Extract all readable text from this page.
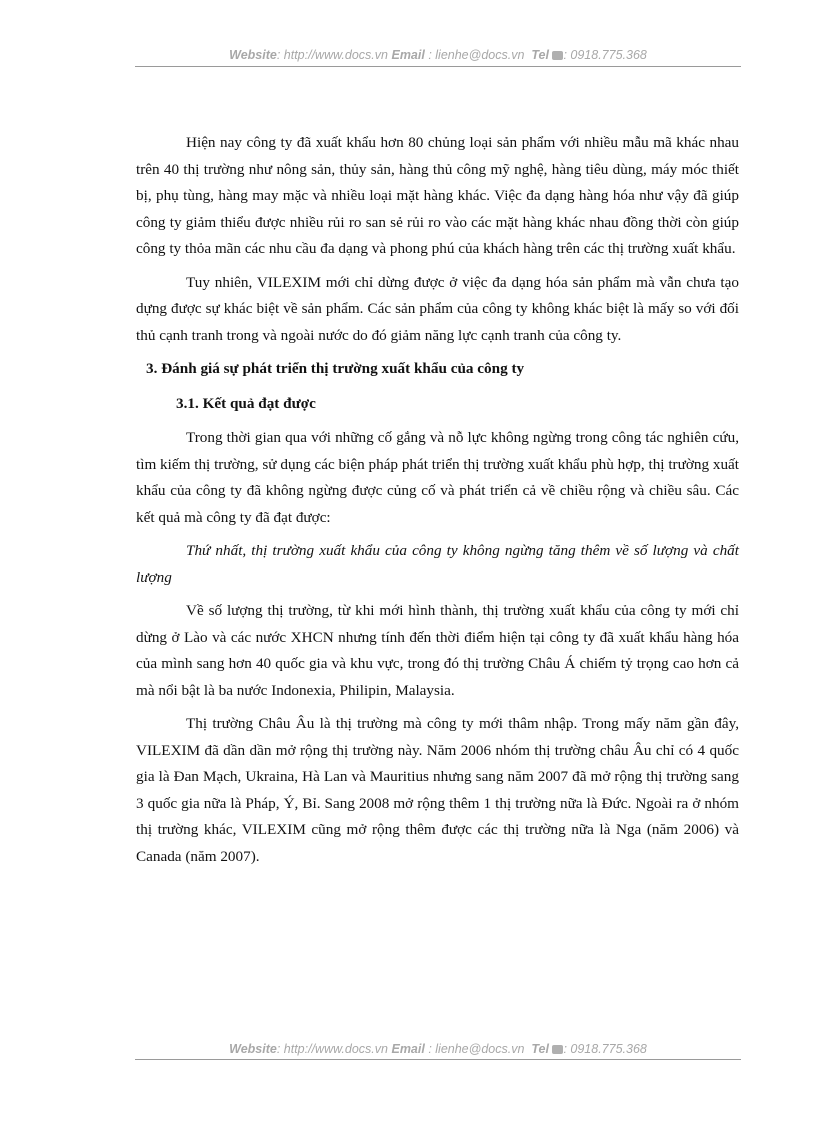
Website: http://www.docs.vn Email : lienhe@docs.vn Tel : 0918.775.368

Hiện nay công ty đã xuất khẩu hơn 80 chủng loại sản phẩm với nhiều mẫu mã khác nhau trên 40 thị trường như nông sản, thủy sản, hàng thủ công mỹ nghệ, hàng tiêu dùng, máy móc thiết bị, phụ tùng, hàng may mặc và nhiều loại mặt hàng khác. Việc đa dạng hàng hóa như vậy đã giúp công ty giảm thiểu được nhiều rủi ro san sẻ rủi ro vào các mặt hàng khác nhau đồng thời còn giúp công ty thỏa mãn các nhu cầu đa dạng và phong phú của khách hàng trên các thị trường xuất khẩu.

Tuy nhiên, VILEXIM mới chỉ dừng được ở việc đa dạng hóa sản phẩm mà vẫn chưa tạo dựng được sự khác biệt về sản phẩm. Các sản phẩm của công ty không khác biệt là mấy so với đối thủ cạnh tranh trong và ngoài nước do đó giảm năng lực cạnh tranh của công ty.

3. Đánh giá sự phát triển thị trường xuất khẩu của công ty
3.1. Kết quả đạt được

Trong thời gian qua với những cố gắng và nỗ lực không ngừng trong công tác nghiên cứu, tìm kiếm thị trường, sử dụng các biện pháp phát triển thị trường xuất khẩu phù hợp, thị trường xuất khẩu của công ty đã không ngừng được củng cố và phát triển cả về chiều rộng và chiều sâu. Các kết quả mà công ty đã đạt được:

Thứ nhất, thị trường xuất khẩu của công ty không ngừng tăng thêm về số lượng và chất lượng

Về số lượng thị trường, từ khi mới hình thành, thị trường xuất khẩu của công ty mới chỉ dừng ở Lào và các nước XHCN nhưng tính đến thời điểm hiện tại công ty đã xuất khẩu hàng hóa của mình sang hơn 40 quốc gia và khu vực, trong đó thị trường Châu Á chiếm tỷ trọng cao hơn cả mà nổi bật là ba nước Indonexia, Philipin, Malaysia.

Thị trường Châu Âu là thị trường mà công ty mới thâm nhập. Trong mấy năm gần đây, VILEXIM đã dần dần mở rộng thị trường này. Năm 2006 nhóm thị trường châu Âu chỉ có 4 quốc gia là Đan Mạch, Ukraina, Hà Lan và Mauritius nhưng sang năm 2007 đã mở rộng thị trường sang 3 quốc gia nữa là Pháp, Ý, Bỉ. Sang 2008 mở rộng thêm 1 thị trường nữa là Đức. Ngoài ra ở nhóm thị trường khác, VILEXIM cũng mở rộng thêm được các thị trường nữa là Nga (năm 2006) và Canada (năm 2007).

Website: http://www.docs.vn Email : lienhe@docs.vn Tel : 0918.775.368
